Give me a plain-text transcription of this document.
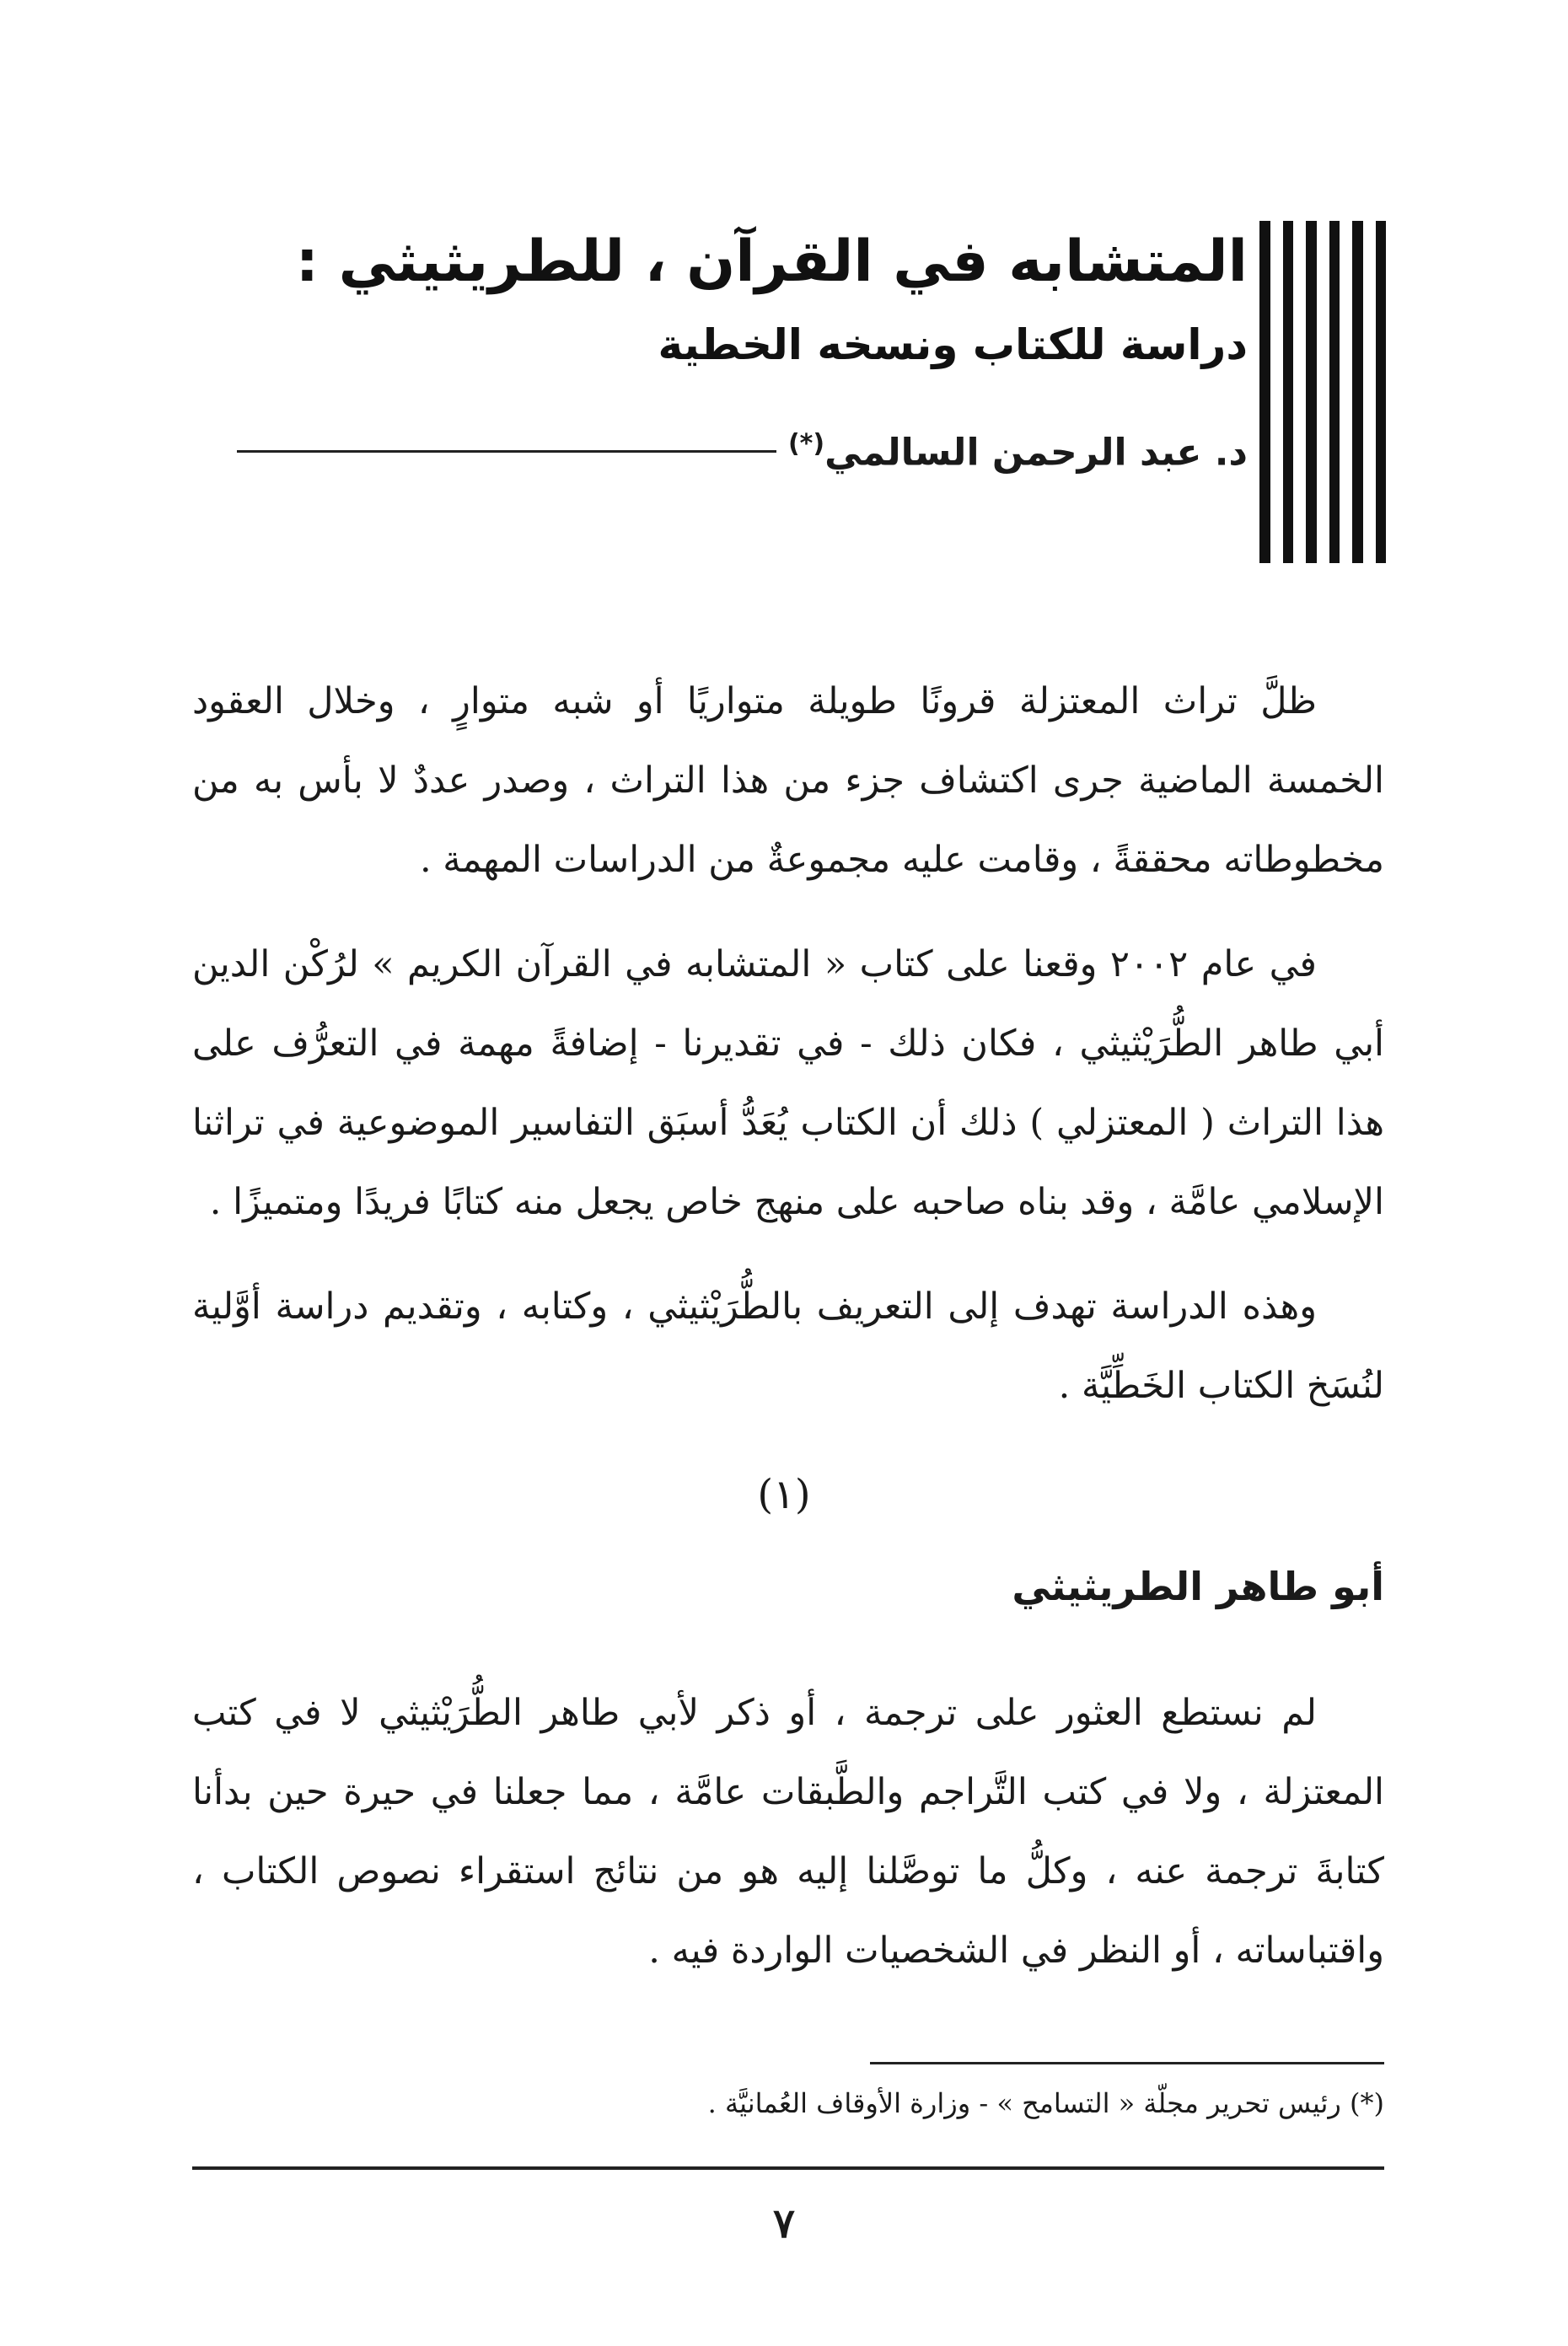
المتشابه في القرآن ، للطريثيثي :
دراسة للكتاب ونسخه الخطية
د. عبد الرحمن السالمي(*)

ظلَّ تراث المعتزلة قرونًا طويلة متواريًا أو شبه متوارٍ ، وخلال العقود الخمسة الماضية جرى اكتشاف جزء من هذا التراث ، وصدر عددٌ لا بأس به من مخطوطاته محققةً ، وقامت عليه مجموعةٌ من الدراسات المهمة .

في عام ٢٠٠٢ وقعنا على كتاب « المتشابه في القرآن الكريم » لرُكْن الدين أبي طاهر الطُّرَيْثيثي ، فكان ذلك - في تقديرنا - إضافةً مهمة في التعرُّف على هذا التراث ( المعتزلي ) ذلك أن الكتاب يُعَدُّ أسبَق التفاسير الموضوعية في تراثنا الإسلامي عامَّة ، وقد بناه صاحبه على منهج خاص يجعل منه كتابًا فريدًا ومتميزًا .

وهذه الدراسة تهدف إلى التعريف بالطُّرَيْثيثي ، وكتابه ، وتقديم دراسة أوَّلية لنُسَخ الكتاب الخَطِّيَّة .

(١)
أبو طاهر الطريثيثي

لم نستطع العثور على ترجمة ، أو ذكر لأبي طاهر الطُّرَيْثيثي لا في كتب المعتزلة ، ولا في كتب التَّراجم والطَّبقات عامَّة ، مما جعلنا في حيرة حين بدأنا كتابةَ ترجمة عنه ، وكلُّ ما توصَّلنا إليه هو من نتائج استقراء نصوص الكتاب ، واقتباساته ، أو النظر في الشخصيات الواردة فيه .

(*) رئيس تحرير مجلّة « التسامح » - وزارة الأوقاف العُمانيَّة .
٧
